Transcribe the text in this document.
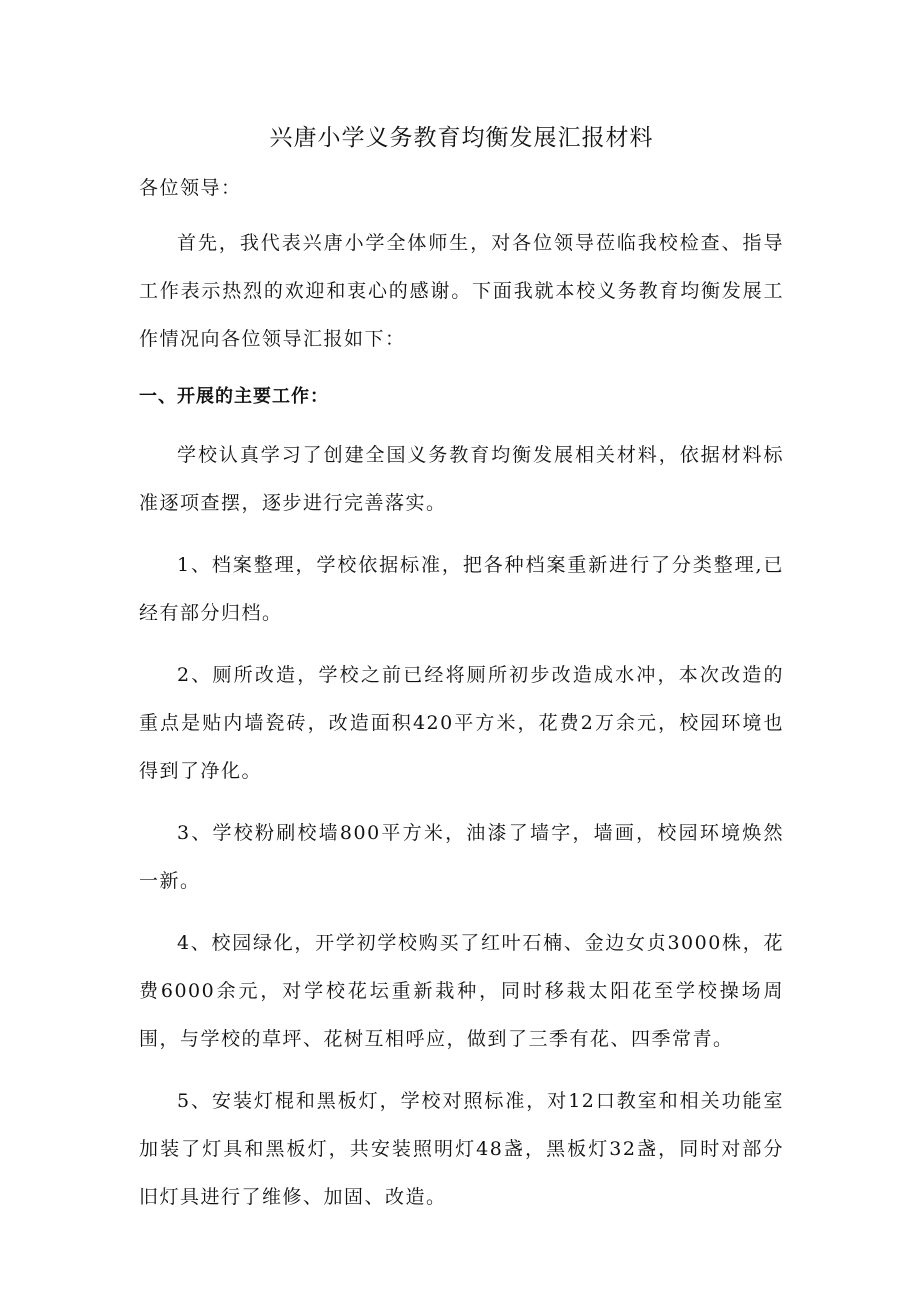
兴唐小学义务教育均衡发展汇报材料
各位领导：
首先，我代表兴唐小学全体师生，对各位领导莅临我校检查、指导工作表示热烈的欢迎和衷心的感谢。下面我就本校义务教育均衡发展工作情况向各位领导汇报如下：
一、开展的主要工作：
学校认真学习了创建全国义务教育均衡发展相关材料，依据材料标准逐项查摆，逐步进行完善落实。
1、档案整理，学校依据标准，把各种档案重新进行了分类整理,已经有部分归档。
2、厕所改造，学校之前已经将厕所初步改造成水冲，本次改造的重点是贴内墙瓷砖，改造面积420平方米，花费2万余元，校园环境也得到了净化。
3、学校粉刷校墙800平方米，油漆了墙字，墙画，校园环境焕然一新。
4、校园绿化，开学初学校购买了红叶石楠、金边女贞3000株，花费6000余元，对学校花坛重新栽种，同时移栽太阳花至学校操场周围，与学校的草坪、花树互相呼应，做到了三季有花、四季常青。
5、安装灯棍和黑板灯，学校对照标准，对12口教室和相关功能室加装了灯具和黑板灯，共安装照明灯48盏，黑板灯32盏，同时对部分旧灯具进行了维修、加固、改造。
